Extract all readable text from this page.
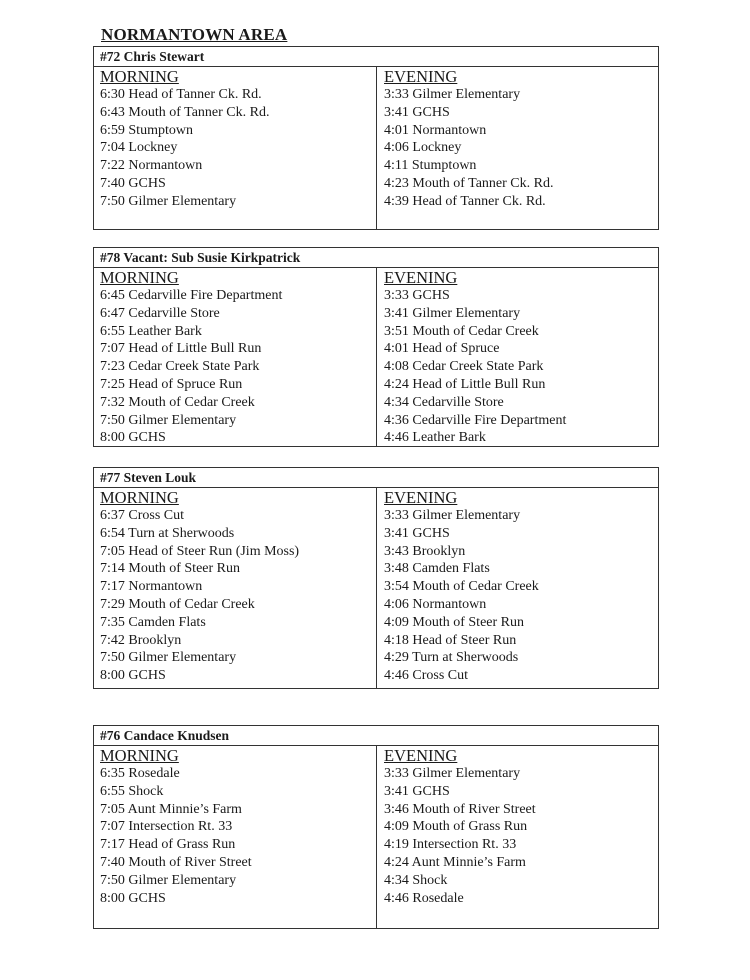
NORMANTOWN AREA
#72 Chris Stewart
MORNING
6:30 Head of Tanner Ck. Rd.
6:43 Mouth of Tanner Ck. Rd.
6:59 Stumptown
7:04 Lockney
7:22 Normantown
7:40 GCHS
7:50 Gilmer Elementary
EVENING
3:33 Gilmer Elementary
3:41 GCHS
4:01 Normantown
4:06 Lockney
4:11 Stumptown
4:23 Mouth of Tanner Ck. Rd.
4:39 Head of Tanner Ck. Rd.
#78 Vacant: Sub Susie Kirkpatrick
MORNING
6:45 Cedarville Fire Department
6:47 Cedarville Store
6:55 Leather Bark
7:07 Head of Little Bull Run
7:23 Cedar Creek State Park
7:25 Head of Spruce Run
7:32 Mouth of Cedar Creek
7:50 Gilmer Elementary
8:00 GCHS
EVENING
3:33 GCHS
3:41 Gilmer Elementary
3:51 Mouth of Cedar Creek
4:01 Head of Spruce
4:08 Cedar Creek State Park
4:24 Head of Little Bull Run
4:34 Cedarville Store
4:36 Cedarville Fire Department
4:46 Leather Bark
#77 Steven Louk
MORNING
6:37 Cross Cut
6:54 Turn at Sherwoods
7:05 Head of Steer Run (Jim Moss)
7:14 Mouth of Steer Run
7:17 Normantown
7:29 Mouth of Cedar Creek
7:35 Camden Flats
7:42 Brooklyn
7:50 Gilmer Elementary
8:00 GCHS
EVENING
3:33 Gilmer Elementary
3:41 GCHS
3:43 Brooklyn
3:48 Camden Flats
3:54 Mouth of Cedar Creek
4:06 Normantown
4:09 Mouth of Steer Run
4:18 Head of Steer Run
4:29 Turn at Sherwoods
4:46 Cross Cut
#76 Candace Knudsen
MORNING
6:35 Rosedale
6:55 Shock
7:05 Aunt Minnie’s Farm
7:07 Intersection Rt. 33
7:17 Head of Grass Run
7:40 Mouth of River Street
7:50 Gilmer Elementary
8:00 GCHS
EVENING
3:33 Gilmer Elementary
3:41 GCHS
3:46 Mouth of River Street
4:09 Mouth of Grass Run
4:19 Intersection Rt. 33
4:24 Aunt Minnie’s Farm
4:34 Shock
4:46 Rosedale
